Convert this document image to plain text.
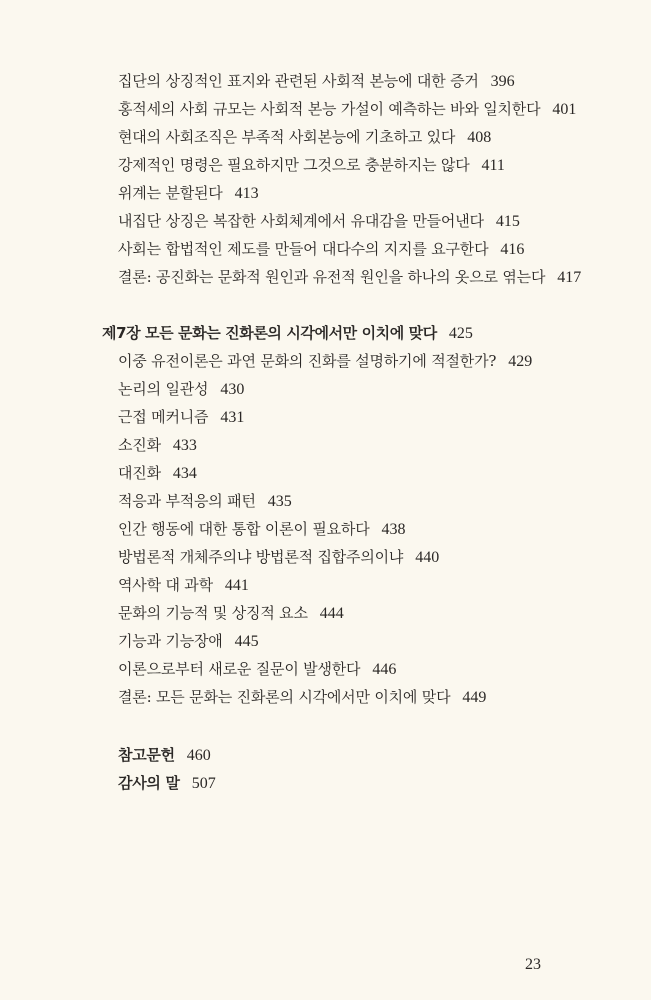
집단의 상징적인 표지와 관련된 사회적 본능에 대한 증거 396
홍적세의 사회 규모는 사회적 본능 가설이 예측하는 바와 일치한다 401
현대의 사회조직은 부족적 사회본능에 기초하고 있다 408
강제적인 명령은 필요하지만 그것으로 충분하지는 않다 411
위계는 분할된다 413
내집단 상징은 복잡한 사회체계에서 유대감을 만들어낸다 415
사회는 합법적인 제도를 만들어 대다수의 지지를 요구한다 416
결론: 공진화는 문화적 원인과 유전적 원인을 하나의 옷으로 엮는다 417
제7장 모든 문화는 진화론의 시각에서만 이치에 맞다 425
이중 유전이론은 과연 문화의 진화를 설명하기에 적절한가? 429
논리의 일관성 430
근접 메커니즘 431
소진화 433
대진화 434
적응과 부적응의 패턴 435
인간 행동에 대한 통합 이론이 필요하다 438
방법론적 개체주의냐 방법론적 집합주의이냐 440
역사학 대 과학 441
문화의 기능적 및 상징적 요소 444
기능과 기능장애 445
이론으로부터 새로운 질문이 발생한다 446
결론: 모든 문화는 진화론의 시각에서만 이치에 맞다 449
참고문헌 460
감사의 말 507
23
